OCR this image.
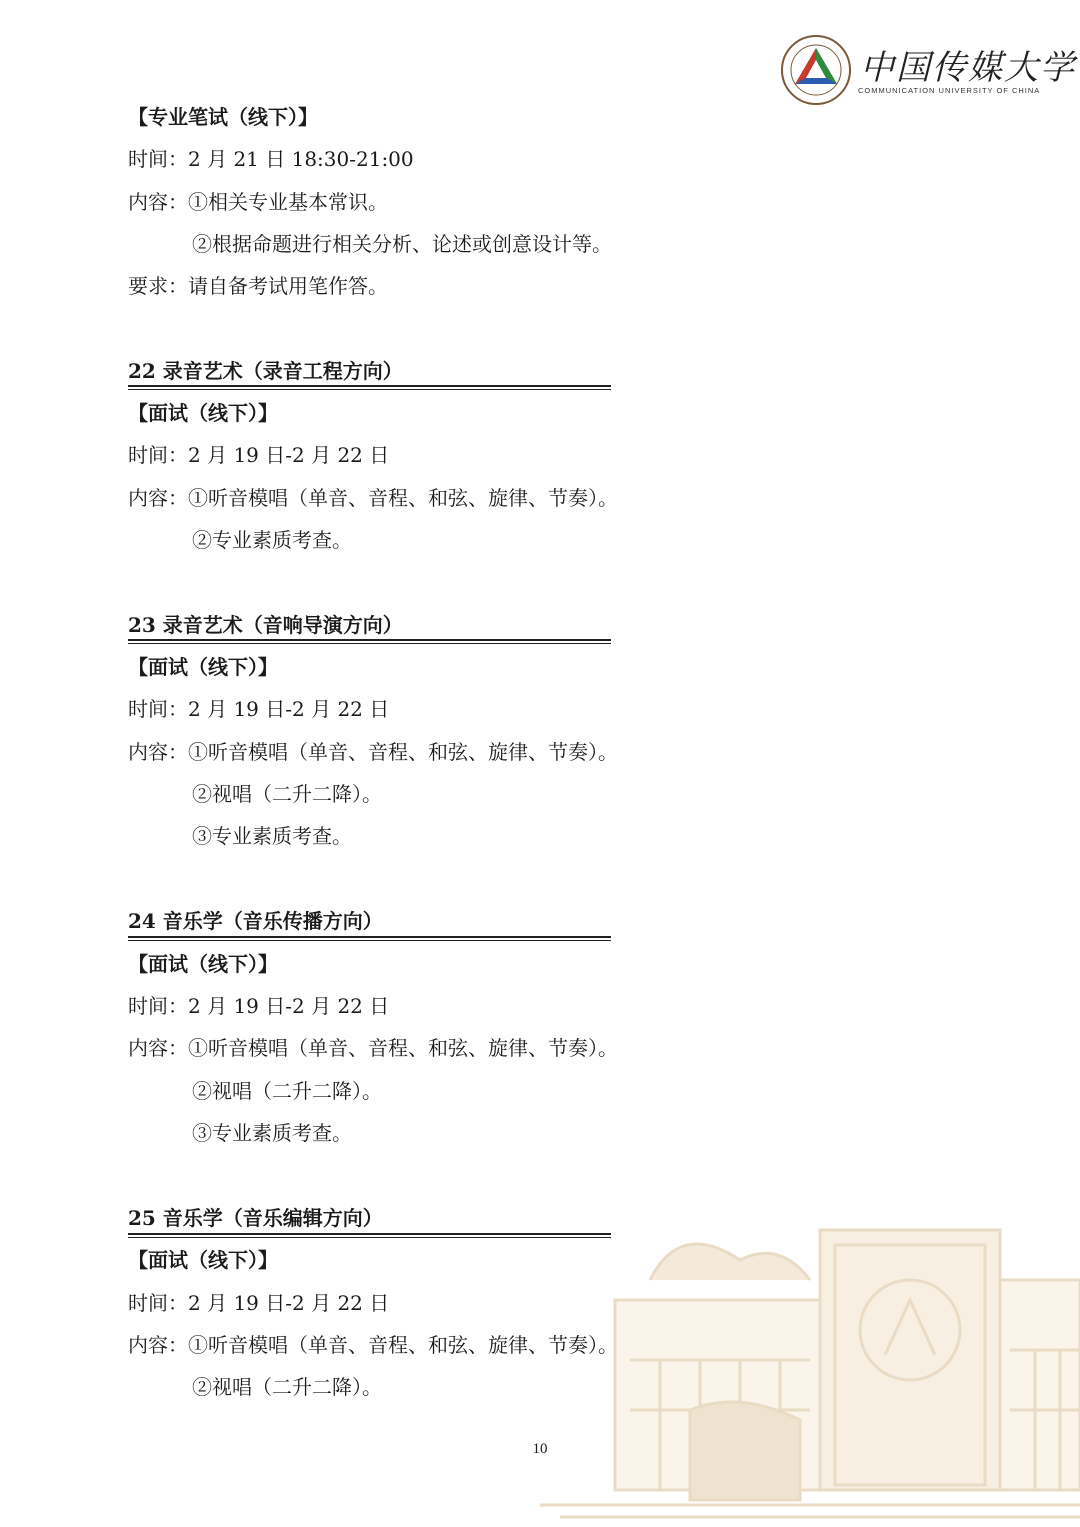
中国传媒大学
COMMUNICATION UNIVERSITY OF CHINA
【专业笔试（线下）】
时间：2 月 21 日 18:30-21:00
内容：①相关专业基本常识。
②根据命题进行相关分析、论述或创意设计等。
要求：请自备考试用笔作答。
22 录音艺术（录音工程方向）
【面试（线下）】
时间：2 月 19 日-2 月 22 日
内容：①听音模唱（单音、音程、和弦、旋律、节奏）。
②专业素质考查。
23 录音艺术（音响导演方向）
【面试（线下）】
时间：2 月 19 日-2 月 22 日
内容：①听音模唱（单音、音程、和弦、旋律、节奏）。
②视唱（二升二降）。
③专业素质考查。
24 音乐学（音乐传播方向）
【面试（线下）】
时间：2 月 19 日-2 月 22 日
内容：①听音模唱（单音、音程、和弦、旋律、节奏）。
②视唱（二升二降）。
③专业素质考查。
25 音乐学（音乐编辑方向）
【面试（线下）】
时间：2 月 19 日-2 月 22 日
内容：①听音模唱（单音、音程、和弦、旋律、节奏）。
②视唱（二升二降）。
10
